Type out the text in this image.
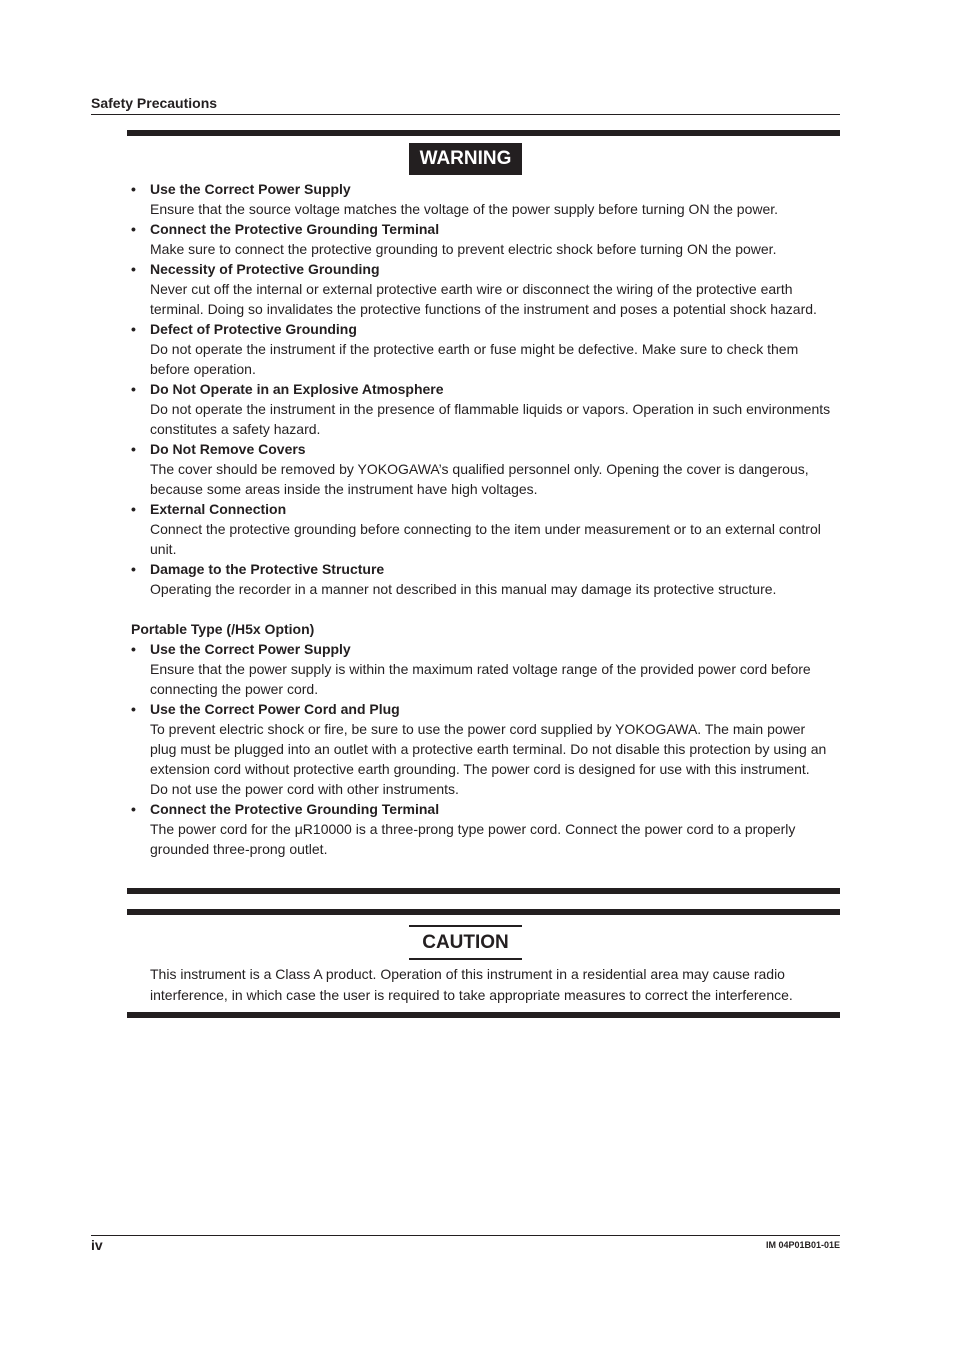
Safety Precautions
WARNING
• Use the Correct Power Supply

Ensure that the source voltage matches the voltage of the power supply before turning ON the power.

• Connect the Protective Grounding Terminal

Make sure to connect the protective grounding to prevent electric shock before turning ON the power.

• Necessity of Protective Grounding

Never cut off the internal or external protective earth wire or disconnect the wiring of the protective earth terminal. Doing so invalidates the protective functions of the instrument and poses a potential shock hazard.

• Defect of Protective Grounding

Do not operate the instrument if the protective earth or fuse might be defective. Make sure to check them before operation.

• Do Not Operate in an Explosive Atmosphere

Do not operate the instrument in the presence of flammable liquids or vapors. Operation in such environments constitutes a safety hazard.

• Do Not Remove Covers

The cover should be removed by YOKOGAWA’s qualified personnel only. Opening the cover is dangerous, because some areas inside the instrument have high voltages.

• External Connection

Connect the protective grounding before connecting to the item under measurement or to an external control unit.

• Damage to the Protective Structure

Operating the recorder in a manner not described in this manual may damage its protective structure.

Portable Type (/H5x Option)
• Use the Correct Power Supply

Ensure that the power supply is within the maximum rated voltage range of the provided power cord before connecting the power cord.

• Use the Correct Power Cord and Plug

To prevent electric shock or fire, be sure to use the power cord supplied by YOKOGAWA. The main power plug must be plugged into an outlet with a protective earth terminal. Do not disable this protection by using an extension cord without protective earth grounding. The power cord is designed for use with this instrument. Do not use the power cord with other instruments.

• Connect the Protective Grounding Terminal

The power cord for the μR10000 is a three-prong type power cord. Connect the power cord to a properly grounded three-prong outlet.

CAUTION

This instrument is a Class A product. Operation of this instrument in a residential area may cause radio interference, in which case the user is required to take appropriate measures to correct the interference.

iv	IM 04P01B01-01E
